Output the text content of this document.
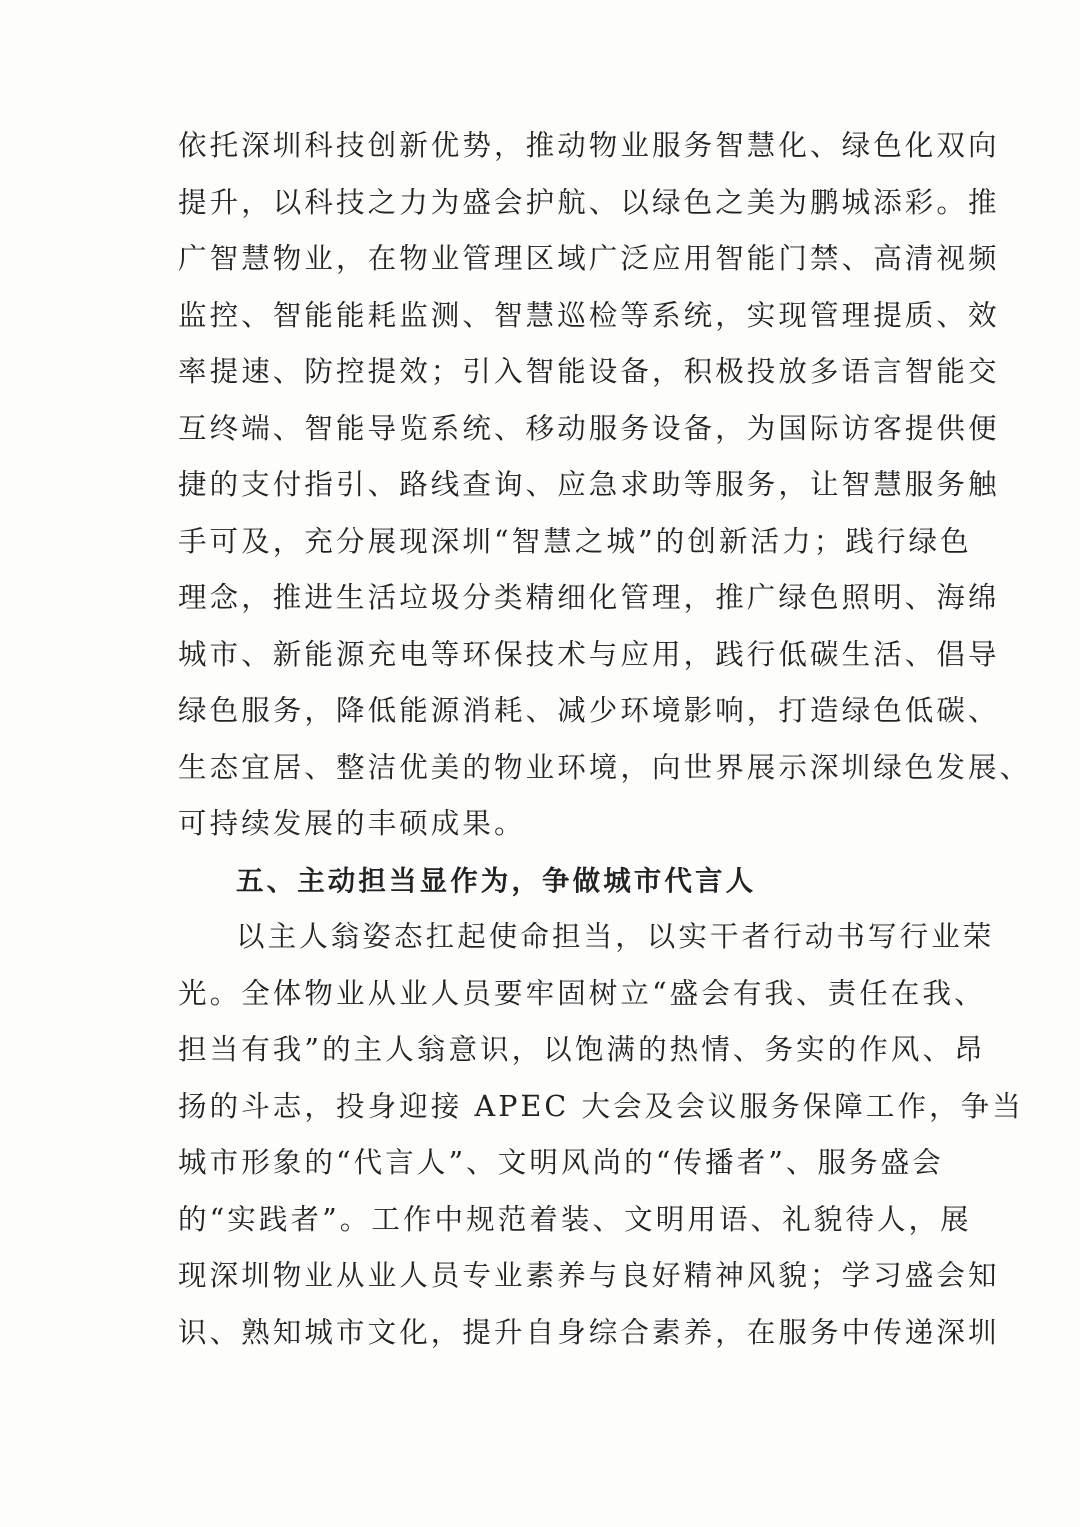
依托深圳科技创新优势，推动物业服务智慧化、绿色化双向
提升，以科技之力为盛会护航、以绿色之美为鹏城添彩。推
广智慧物业，在物业管理区域广泛应用智能门禁、高清视频
监控、智能能耗监测、智慧巡检等系统，实现管理提质、效
率提速、防控提效；引入智能设备，积极投放多语言智能交
互终端、智能导览系统、移动服务设备，为国际访客提供便
捷的支付指引、路线查询、应急求助等服务，让智慧服务触
手可及，充分展现深圳“智慧之城”的创新活力；践行绿色
理念，推进生活垃圾分类精细化管理，推广绿色照明、海绵
城市、新能源充电等环保技术与应用，践行低碳生活、倡导
绿色服务，降低能源消耗、减少环境影响，打造绿色低碳、
生态宜居、整洁优美的物业环境，向世界展示深圳绿色发展、
可持续发展的丰硕成果。
五、主动担当显作为，争做城市代言人
以主人翁姿态扛起使命担当，以实干者行动书写行业荣
光。全体物业从业人员要牢固树立“盛会有我、责任在我、
担当有我”的主人翁意识，以饱满的热情、务实的作风、昂
扬的斗志，投身迎接 APEC 大会及会议服务保障工作，争当
城市形象的“代言人”、文明风尚的“传播者”、服务盛会
的“实践者”。工作中规范着装、文明用语、礼貌待人，展
现深圳物业从业人员专业素养与良好精神风貌；学习盛会知
识、熟知城市文化，提升自身综合素养，在服务中传递深圳
